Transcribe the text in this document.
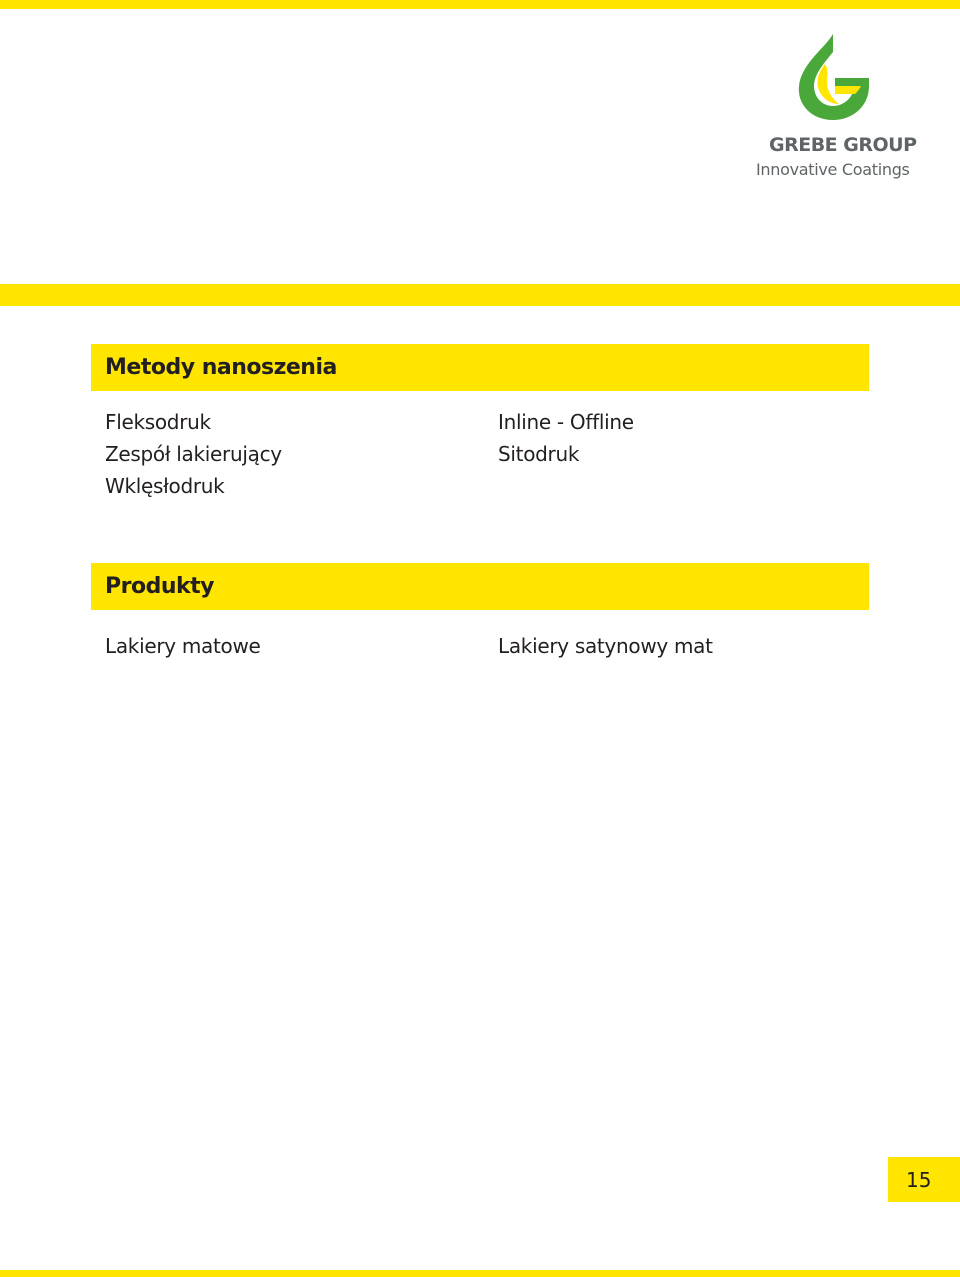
GREBE GROUP
Innovative Coatings
Metody nanoszenia
Fleksodruk
Zespół lakierujący
Wklęsłodruk
Inline - Offline
Sitodruk
Produkty
Lakiery matowe	Lakiery satynowy mat
15
